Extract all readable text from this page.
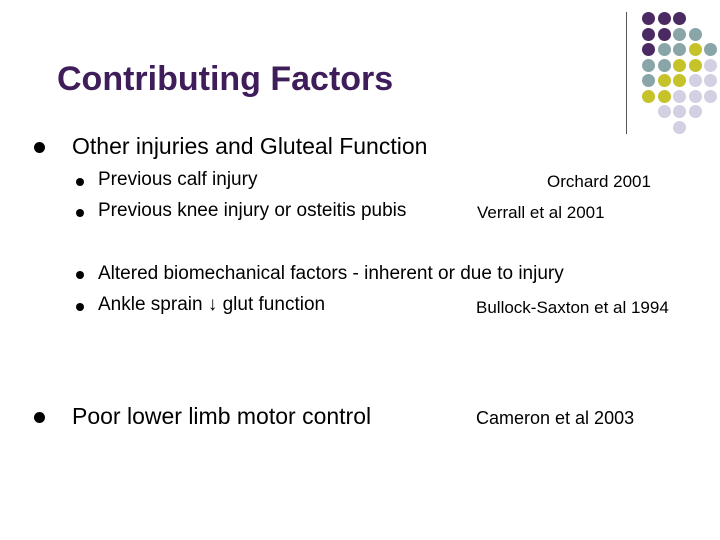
Contributing Factors
Other injuries and Gluteal Function
Previous calf injury	Orchard 2001
Previous knee injury or osteitis pubis	Verrall et al 2001
Altered biomechanical factors - inherent or due to injury
Ankle sprain ↓ glut function	Bullock-Saxton et al 1994
Poor lower limb motor control	Cameron et al 2003
